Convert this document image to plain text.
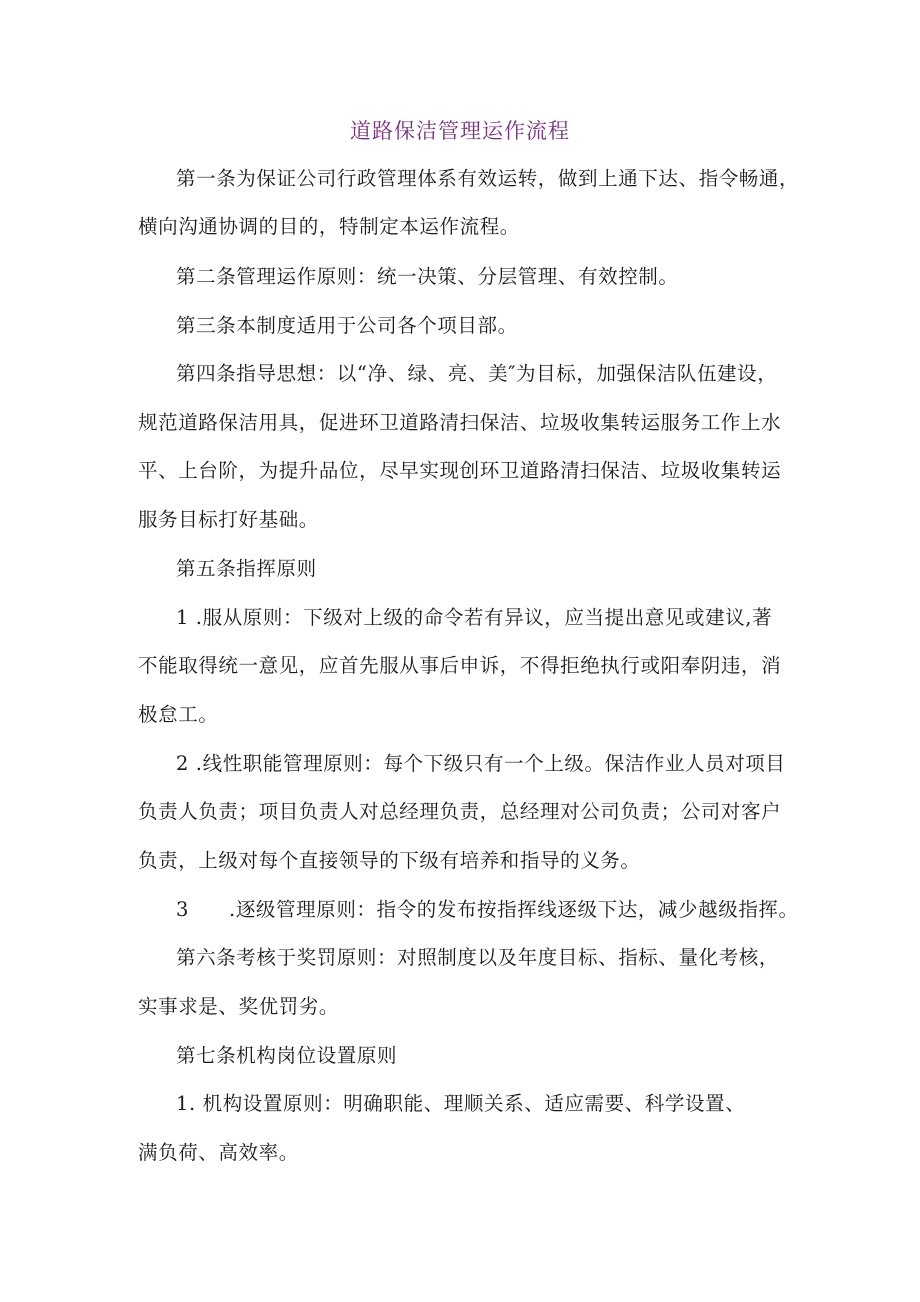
道路保洁管理运作流程
第一条为保证公司行政管理体系有效运转，做到上通下达、指令畅通，
横向沟通协调的目的，特制定本运作流程。
第二条管理运作原则：统一决策、分层管理、有效控制。
第三条本制度适用于公司各个项目部。
第四条指导思想：以“净、绿、亮、美″为目标，加强保洁队伍建设，
规范道路保洁用具，促进环卫道路清扫保洁、垃圾收集转运服务工作上水
平、上台阶，为提升品位，尽早实现创环卫道路清扫保洁、垃圾收集转运
服务目标打好基础。
第五条指挥原则
1 .服从原则：下级对上级的命令若有异议，应当提出意见或建议,著
不能取得统一意见，应首先服从事后申诉，不得拒绝执行或阳奉阴违，消
极怠工。
2 .线性职能管理原则：每个下级只有一个上级。保洁作业人员对项目
负责人负责；项目负责人对总经理负责，总经理对公司负责；公司对客户
负责，上级对每个直接领导的下级有培养和指导的义务。
3 .逐级管理原则：指令的发布按指挥线逐级下达，减少越级指挥。
第六条考核于奖罚原则：对照制度以及年度目标、指标、量化考核，
实事求是、奖优罚劣。
第七条机构岗位设置原则
1. 机构设置原则：明确职能、理顺关系、适应需要、科学设置、
满负荷、高效率。
